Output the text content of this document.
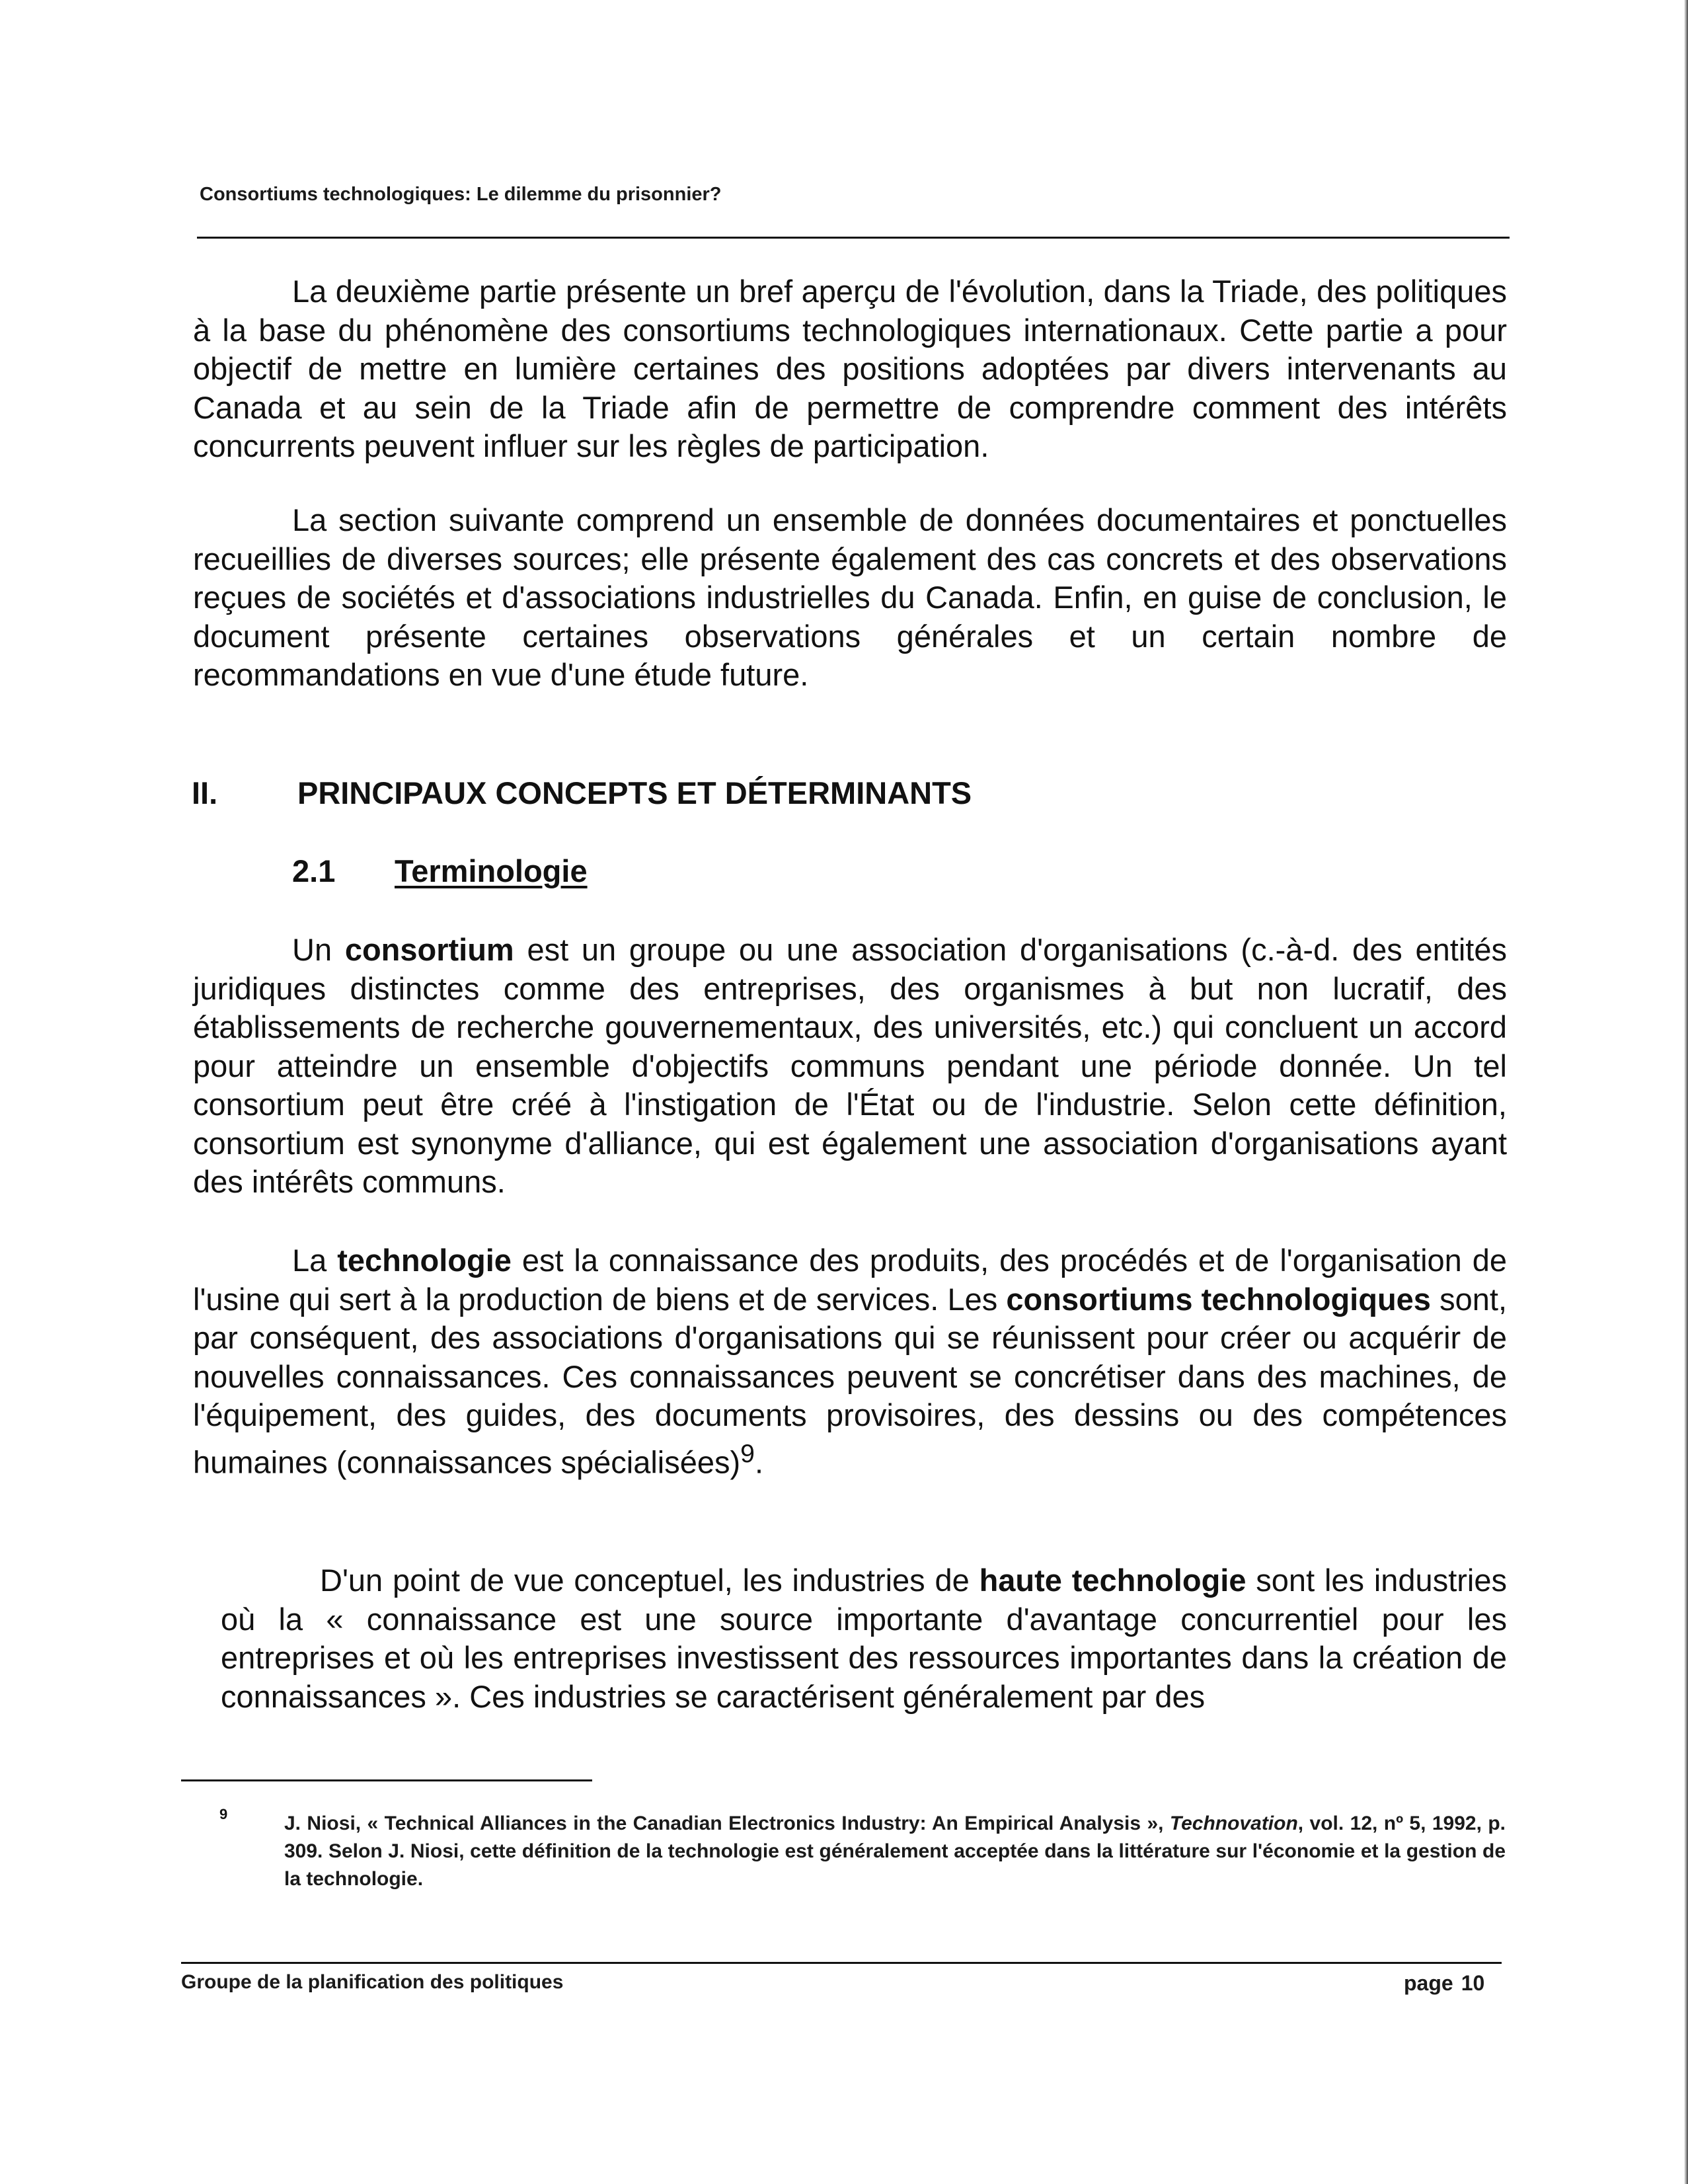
Consortiums technologiques: Le dilemme du prisonnier?

La deuxième partie présente un bref aperçu de l'évolution, dans la Triade, des politiques à la base du phénomène des consortiums technologiques internationaux. Cette partie a pour objectif de mettre en lumière certaines des positions adoptées par divers intervenants au Canada et au sein de la Triade afin de permettre de comprendre comment des intérêts concurrents peuvent influer sur les règles de participation.

La section suivante comprend un ensemble de données documentaires et ponctuelles recueillies de diverses sources; elle présente également des cas concrets et des observations reçues de sociétés et d'associations industrielles du Canada. Enfin, en guise de conclusion, le document présente certaines observations générales et un certain nombre de recommandations en vue d'une étude future.

II.	PRINCIPAUX CONCEPTS ET DÉTERMINANTS
2.1 Terminologie

Un consortium est un groupe ou une association d'organisations (c.-à-d. des entités juridiques distinctes comme des entreprises, des organismes à but non lucratif, des établissements de recherche gouvernementaux, des universités, etc.) qui concluent un accord pour atteindre un ensemble d'objectifs communs pendant une période donnée. Un tel consortium peut être créé à l'instigation de l'État ou de l'industrie. Selon cette définition, consortium est synonyme d'alliance, qui est également une association d'organisations ayant des intérêts communs.

La technologie est la connaissance des produits, des procédés et de l'organisation de l'usine qui sert à la production de biens et de services. Les consortiums technologiques sont, par conséquent, des associations d'organisations qui se réunissent pour créer ou acquérir de nouvelles connaissances. Ces connaissances peuvent se concrétiser dans des machines, de l'équipement, des guides, des documents provisoires, des dessins ou des compétences humaines (connaissances spécialisées)$^9$.

D'un point de vue conceptuel, les industries de haute technologie sont les industries où la « connaissance est une source importante d'avantage concurrentiel pour les entreprises et où les entreprises investissent des ressources importantes dans la création de connaissances ». Ces industries se caractérisent généralement par des

9	J. Niosi, « Technical Alliances in the Canadian Electronics Industry: An Empirical Analysis », Technovation, vol. 12, nº 5, 1992, p. 309. Selon J. Niosi, cette définition de la technologie est généralement acceptée dans la littérature sur l'économie et la gestion de la technologie.
Groupe de la planification des politiques	page 10
